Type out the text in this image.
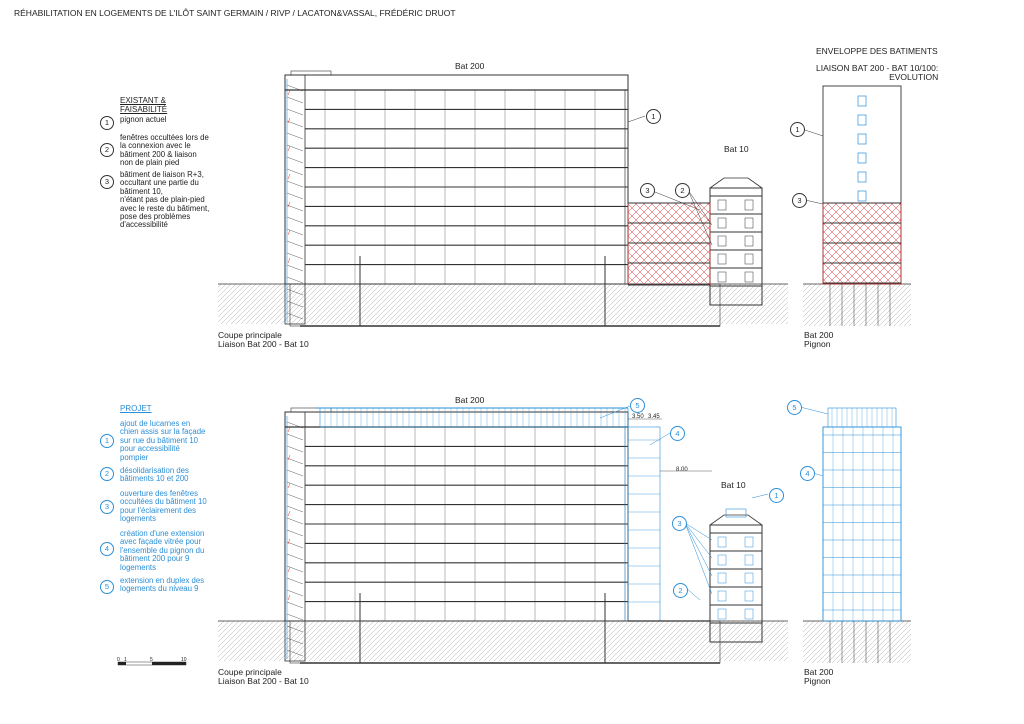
RÉHABILITATION EN LOGEMENTS DE L'ILÔT SAINT GERMAIN / RIVP / LACATON&VASSAL, FRÉDÉRIC DRUOT
EXISTANT &
FAISABILITÉ
1	pignon actuel
2
fenêtres occultées lors de
la connexion avec le
bâtiment 200 & liaison
non de plain pied
3
bâtiment de liaison R+3,
occultant une partie du
bâtiment 10,
n'étant pas de plain-pied
avec le reste du bâtiment,
pose des problèmes
d'accessibilité
PROJET
1
ajout de lucarnes en
chien assis sur la façade
sur rue du bâtiment 10
pour accessibilité
pompier
2	désolidarisation des
bâtiments 10 et 200
3
ouverture des fenêtres
occultées du bâtiment 10
pour l'éclairement des
logements
4
création d'une extension
avec façade vitrée pour
l'ensemble du pignon du
bâtiment 200 pour 9
logements
5
extension en duplex des
logements du niveau 9
Bat 200
Bat 10
Coupe principale
Liaison Bat 200 - Bat 10
Bat 200
Pignon
ENVELOPPE DES BATIMENTS
LIAISON BAT 200 - BAT 10/100:
EVOLUTION
1
3	2
1
3
Bat 200
Bat 10
3.50 3.45
8.00
Coupe principale
Liaison Bat 200 - Bat 10
Bat 200
Pignon
5
4
1
3
2
5
4
0 1	5	10
